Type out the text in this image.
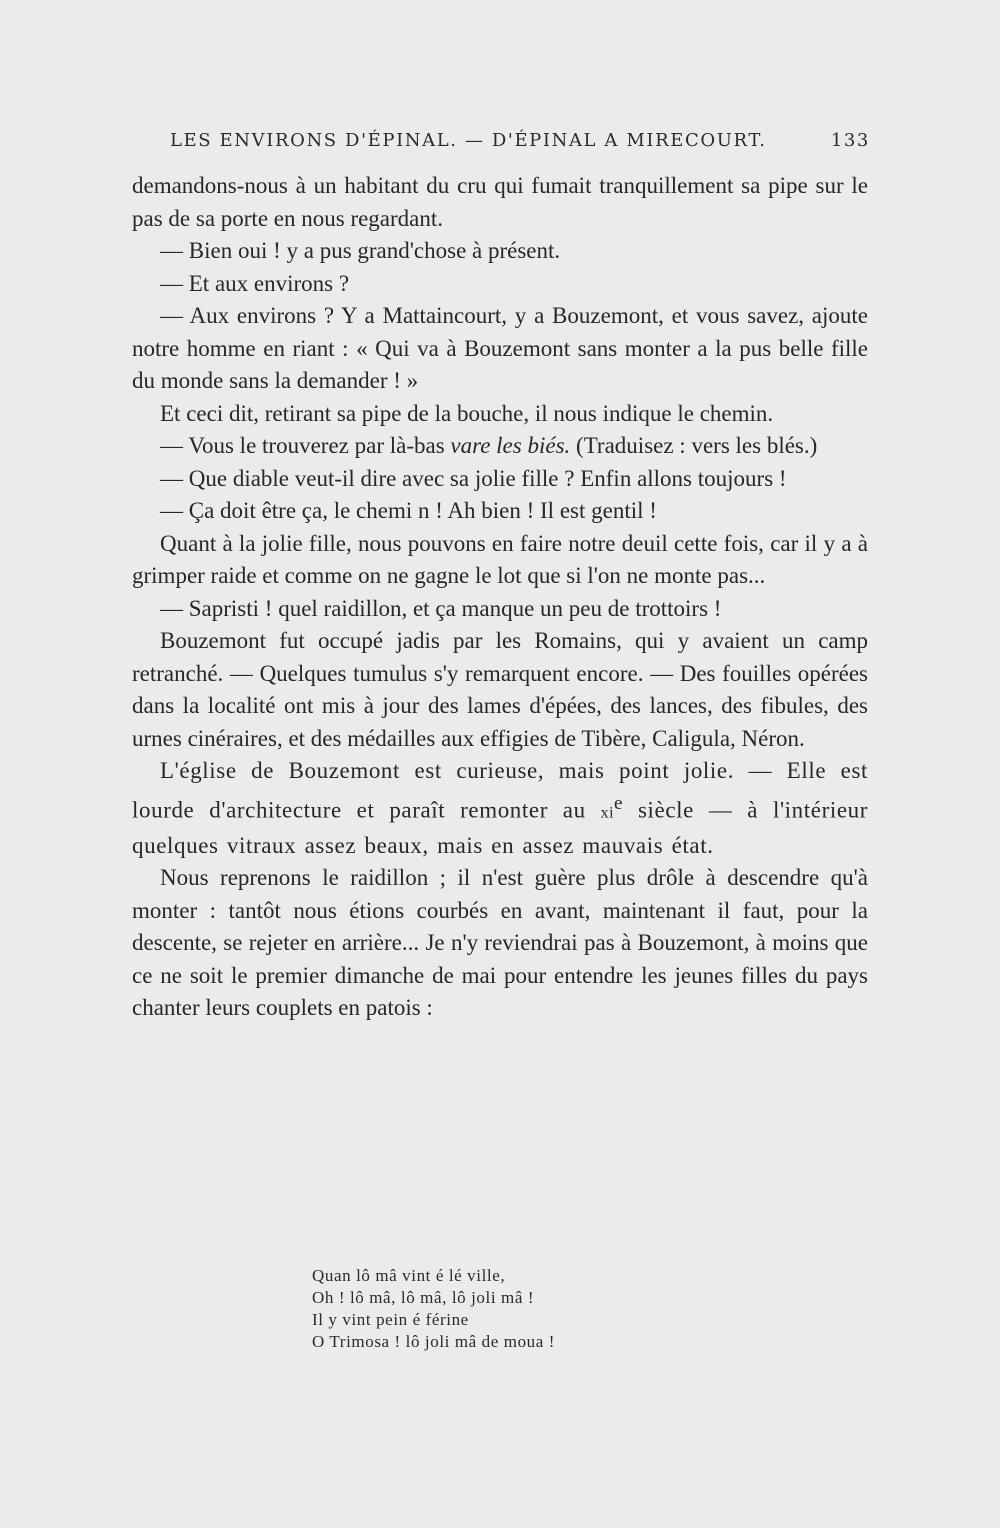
LES ENVIRONS D'ÉPINAL. — D'ÉPINAL A MIRECOURT.	133

demandons-nous à un habitant du cru qui fumait tranquillement sa pipe sur le pas de sa porte en nous regardant.

— Bien oui ! y a pus grand'chose à présent.

— Et aux environs ?

— Aux environs ? Y a Mattaincourt, y a Bouzemont, et vous savez, ajoute notre homme en riant : « Qui va à Bouzemont sans monter a la pus belle fille du monde sans la demander ! »

Et ceci dit, retirant sa pipe de la bouche, il nous indique le chemin.

— Vous le trouverez par là-bas vare les biés. (Traduisez : vers les blés.)

— Que diable veut-il dire avec sa jolie fille ? Enfin allons toujours !

— Ça doit être ça, le chemi n ! Ah bien ! Il est gentil !

Quant à la jolie fille, nous pouvons en faire notre deuil cette fois, car il y a à grimper raide et comme on ne gagne le lot que si l'on ne monte pas...

— Sapristi ! quel raidillon, et ça manque un peu de trottoirs !

Bouzemont fut occupé jadis par les Romains, qui y avaient un camp retranché. — Quelques tumulus s'y remarquent encore. — Des fouilles opérées dans la localité ont mis à jour des lames d'épées, des lances, des fibules, des urnes cinéraires, et des médailles aux effigies de Tibère, Caligula, Néron.

L'église de Bouzemont est curieuse, mais point jolie. — Elle est lourde d'architecture et paraît remonter au $xi^e$ siècle — à l'intérieur quelques vitraux assez beaux, mais en assez mauvais état.

Nous reprenons le raidillon ; il n'est guère plus drôle à descendre qu'à monter : tantôt nous étions courbés en avant, maintenant il faut, pour la descente, se rejeter en arrière... Je n'y reviendrai pas à Bouzemont, à moins que ce ne soit le premier dimanche de mai pour entendre les jeunes filles du pays chanter leurs couplets en patois :

Quan lô mâ vint é lé ville,
Oh ! lô mâ, lô mâ, lô joli mâ !
Il y vint pein é férine
O Trimosa ! lô joli mâ de moua !
